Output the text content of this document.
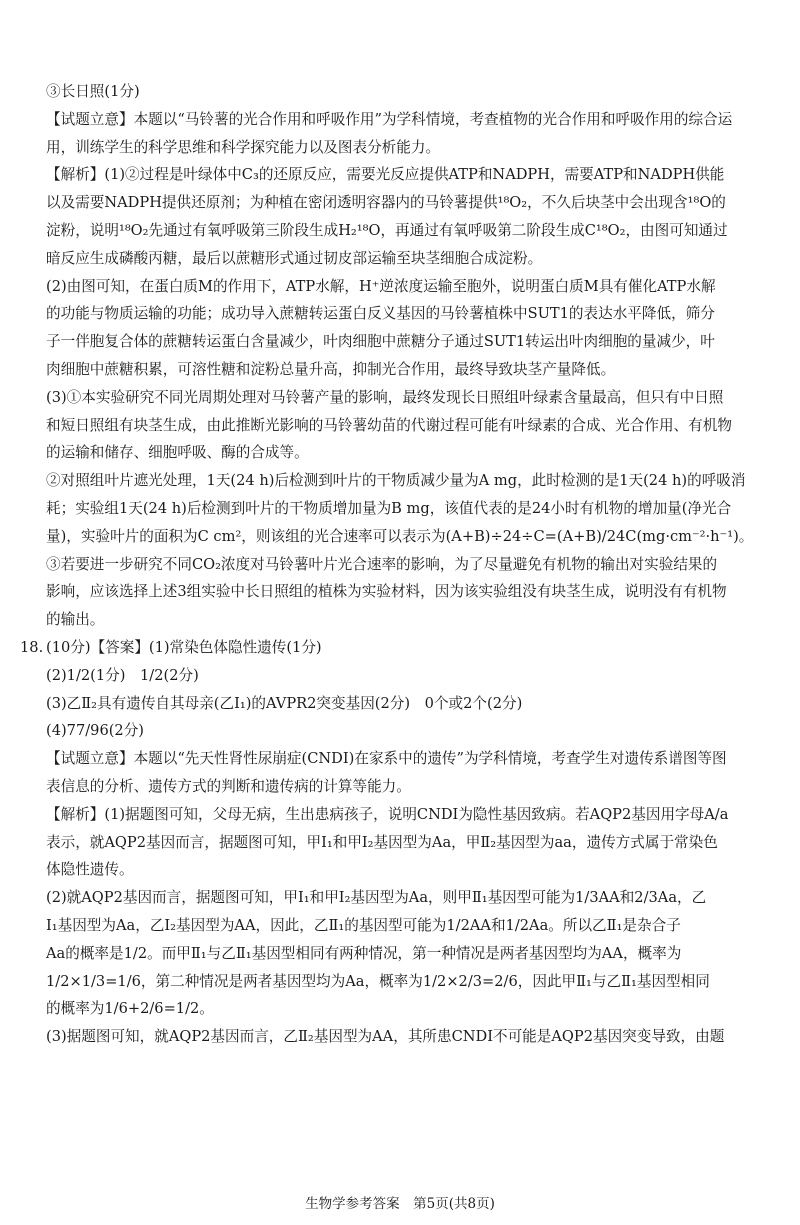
③长日照(1分)

【试题立意】本题以“马铃薯的光合作用和呼吸作用”为学科情境，考查植物的光合作用和呼吸作用的综合运

用，训练学生的科学思维和科学探究能力以及图表分析能力。

【解析】(1)②过程是叶绿体中C₃的还原反应，需要光反应提供ATP和NADPH，需要ATP和NADPH供能

以及需要NADPH提供还原剂；为种植在密闭透明容器内的马铃薯提供¹⁸O₂，不久后块茎中会出现含¹⁸O的

淀粉，说明¹⁸O₂先通过有氧呼吸第三阶段生成H₂¹⁸O，再通过有氧呼吸第二阶段生成C¹⁸O₂，由图可知通过

暗反应生成磷酸丙糖，最后以蔗糖形式通过韧皮部运输至块茎细胞合成淀粉。

(2)由图可知，在蛋白质M的作用下，ATP水解，H⁺逆浓度运输至胞外，说明蛋白质M具有催化ATP水解

的功能与物质运输的功能；成功导入蔗糖转运蛋白反义基因的马铃薯植株中SUT1的表达水平降低，筛分

子一伴胞复合体的蔗糖转运蛋白含量减少，叶肉细胞中蔗糖分子通过SUT1转运出叶肉细胞的量减少，叶

肉细胞中蔗糖积累，可溶性糖和淀粉总量升高，抑制光合作用，最终导致块茎产量降低。

(3)①本实验研究不同光周期处理对马铃薯产量的影响，最终发现长日照组叶绿素含量最高，但只有中日照

和短日照组有块茎生成，由此推断光影响的马铃薯幼苗的代谢过程可能有叶绿素的合成、光合作用、有机物

的运输和储存、细胞呼吸、酶的合成等。

②对照组叶片遮光处理，1天(24 h)后检测到叶片的干物质减少量为A mg，此时检测的是1天(24 h)的呼吸消

耗；实验组1天(24 h)后检测到叶片的干物质增加量为B mg，该值代表的是24小时有机物的增加量(净光合

量)，实验叶片的面积为C cm²，则该组的光合速率可以表示为(A+B)÷24÷C=(A+B)/24C(mg·cm⁻²·h⁻¹)。

③若要进一步研究不同CO₂浓度对马铃薯叶片光合速率的影响，为了尽量避免有机物的输出对实验结果的

影响，应该选择上述3组实验中长日照组的植株为实验材料，因为该实验组没有块茎生成，说明没有有机物

的输出。

18. (10分)【答案】(1)常染色体隐性遗传(1分)

(2)1/2(1分)　1/2(2分)

(3)乙Ⅱ₂具有遗传自其母亲(乙Ⅰ₁)的AVPR2突变基因(2分)　0个或2个(2分)

(4)77/96(2分)

【试题立意】本题以“先天性肾性尿崩症(CNDI)在家系中的遗传”为学科情境，考查学生对遗传系谱图等图

表信息的分析、遗传方式的判断和遗传病的计算等能力。

【解析】(1)据题图可知，父母无病，生出患病孩子，说明CNDI为隐性基因致病。若AQP2基因用字母A/a

表示，就AQP2基因而言，据题图可知，甲Ⅰ₁和甲Ⅰ₂基因型为Aa，甲Ⅱ₂基因型为aa，遗传方式属于常染色

体隐性遗传。

(2)就AQP2基因而言，据题图可知，甲Ⅰ₁和甲Ⅰ₂基因型为Aa，则甲Ⅱ₁基因型可能为1/3AA和2/3Aa，乙

Ⅰ₁基因型为Aa，乙Ⅰ₂基因型为AA，因此，乙Ⅱ₁的基因型可能为1/2AA和1/2Aa。所以乙Ⅱ₁是杂合子

Aa的概率是1/2。而甲Ⅱ₁与乙Ⅱ₁基因型相同有两种情况，第一种情况是两者基因型均为AA，概率为

1/2×1/3=1/6，第二种情况是两者基因型均为Aa，概率为1/2×2/3=2/6，因此甲Ⅱ₁与乙Ⅱ₁基因型相同

的概率为1/6+2/6=1/2。

(3)据题图可知，就AQP2基因而言，乙Ⅱ₂基因型为AA，其所患CNDI不可能是AQP2基因突变导致，由题

生物学参考答案　第5页(共8页)
